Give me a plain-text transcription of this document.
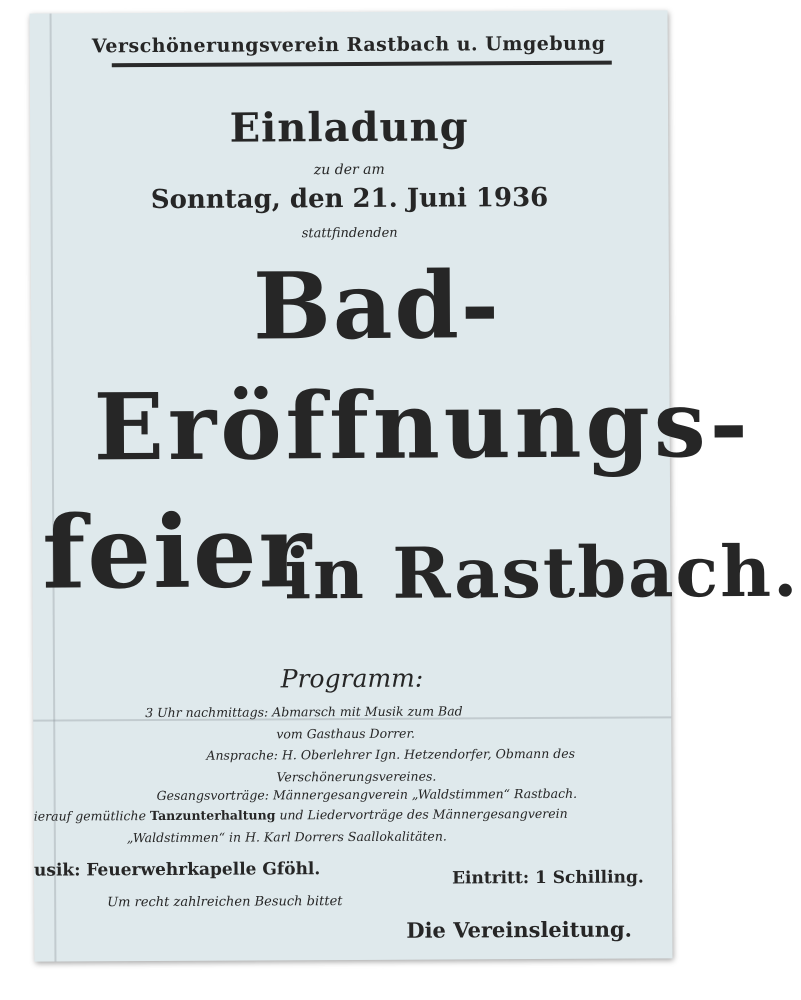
Verschönerungsverein Rastbach u. Umgebung
Einladung
zu der am
Sonntag, den 21. Juni 1936
stattfindenden
Bad-
Eröffnungs-
feier
in Rastbach.
Programm:
3 Uhr nachmittags: Abmarsch mit Musik zum Bad
vom Gasthaus Dorrer.
Ansprache: H. Oberlehrer Ign. Hetzendorfer, Obmann des
Verschönerungsvereines.
Gesangsvorträge: Männergesangverein „Waldstimmen“ Rastbach.
ierauf gemütliche Tanzunterhaltung und Liedervorträge des Männergesangverein
„Waldstimmen“ in H. Karl Dorrers Saallokalitäten.
usik: Feuerwehrkapelle Gföhl.	Eintritt: 1 Schilling.
Um recht zahlreichen Besuch bittet
Die Vereinsleitung.
